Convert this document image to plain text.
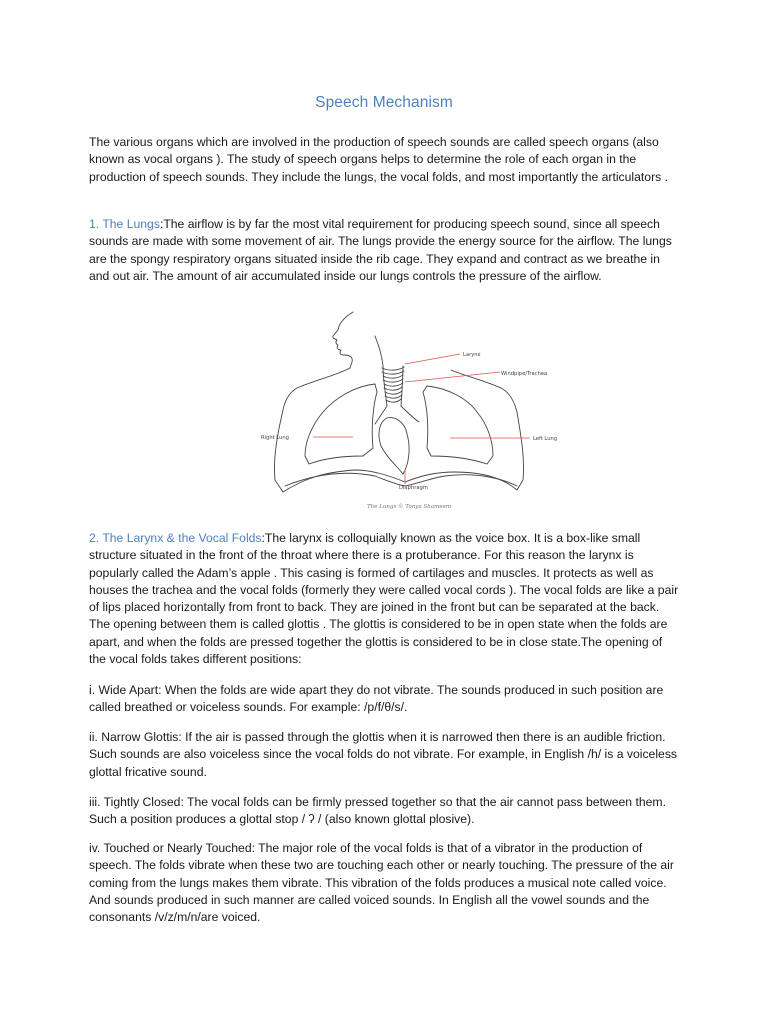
Speech Mechanism

The various organs which are involved in the production of speech sounds are called speech organs (also known as vocal organs ). The study of speech organs helps to determine the role of each organ in the production of speech sounds. They include the lungs, the vocal folds, and most importantly the articulators .

1. The Lungs:The airflow is by far the most vital requirement for producing speech sound, since all speech sounds are made with some movement of air. The lungs provide the energy source for the airflow. The lungs are the spongy respiratory organs situated inside the rib cage. They expand and contract as we breathe in and out air. The amount of air accumulated inside our lungs controls the pressure of the airflow.

Larynx
Windpipe/Trachea
Right Lung	Left Lung
Diaphragm
The Lungs © Tonya Shameem

2. The Larynx & the Vocal Folds:The larynx is colloquially known as the voice box. It is a box-like small structure situated in the front of the throat where there is a protuberance. For this reason the larynx is popularly called the Adam’s apple . This casing is formed of cartilages and muscles. It protects as well as houses the trachea and the vocal folds (formerly they were called vocal cords ). The vocal folds are like a pair of lips placed horizontally from front to back. They are joined in the front but can be separated at the back. The opening between them is called glottis . The glottis is considered to be in open state when the folds are apart, and when the folds are pressed together the glottis is considered to be in close state.The opening of the vocal folds takes different positions:

i. Wide Apart: When the folds are wide apart they do not vibrate. The sounds produced in such position are called breathed or voiceless sounds. For example: /p/f/θ/s/.

ii. Narrow Glottis: If the air is passed through the glottis when it is narrowed then there is an audible friction. Such sounds are also voiceless since the vocal folds do not vibrate. For example, in English /h/ is a voiceless glottal fricative sound.

iii. Tightly Closed: The vocal folds can be firmly pressed together so that the air cannot pass between them. Such a position produces a glottal stop / ʔ / (also known glottal plosive).

iv. Touched or Nearly Touched: The major role of the vocal folds is that of a vibrator in the production of speech. The folds vibrate when these two are touching each other or nearly touching. The pressure of the air coming from the lungs makes them vibrate. This vibration of the folds produces a musical note called voice. And sounds produced in such manner are called voiced sounds. In English all the vowel sounds and the consonants /v/z/m/n/are voiced.
